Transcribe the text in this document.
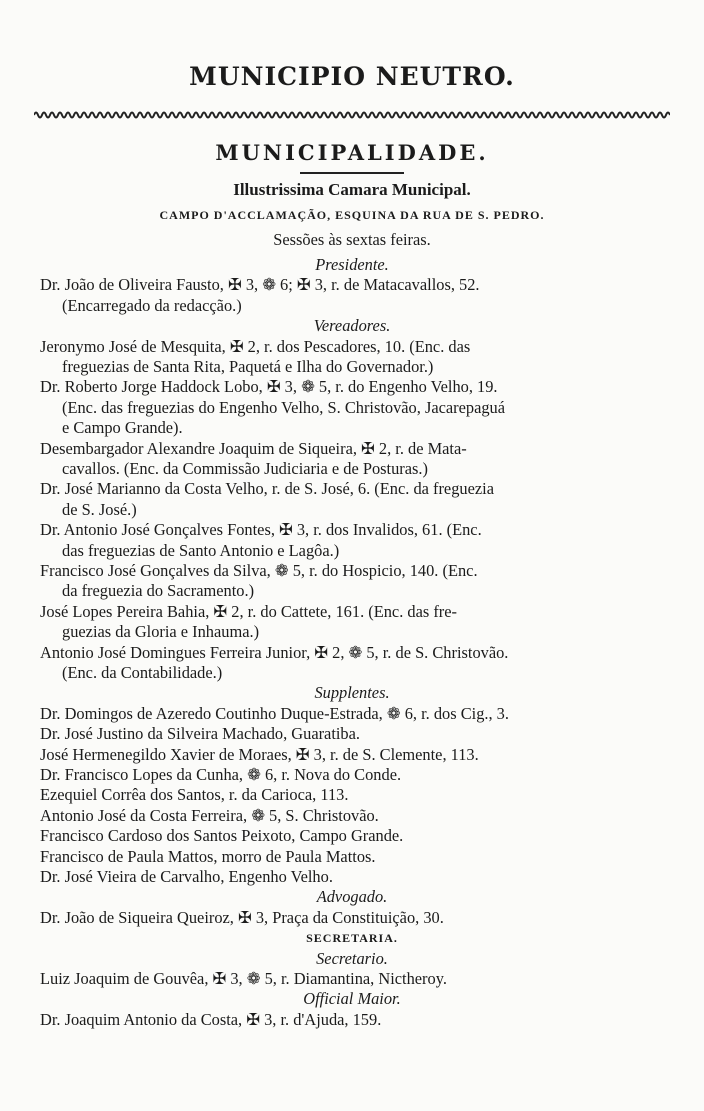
MUNICIPIO NEUTRO.
MUNICIPALIDADE.
Illustrissima Camara Municipal.
CAMPO D'ACCLAMAÇÃO, ESQUINA DA RUA DE S. PEDRO.
Sessões às sextas feiras.
Presidente.
Dr. João de Oliveira Fausto, ✠ 3, ❁ 6; ✠ 3, r. de Matacavallos, 52.
(Encarregado da redacção.)
Vereadores.
Jeronymo José de Mesquita, ✠ 2, r. dos Pescadores, 10. (Enc. das
freguezias de Santa Rita, Paquetá e Ilha do Governador.)
Dr. Roberto Jorge Haddock Lobo, ✠ 3, ❁ 5, r. do Engenho Velho, 19.
(Enc. das freguezias do Engenho Velho, S. Christovão, Jacarepaguá
e Campo Grande).
Desembargador Alexandre Joaquim de Siqueira, ✠ 2, r. de Mata-
cavallos. (Enc. da Commissão Judiciaria e de Posturas.)
Dr. José Marianno da Costa Velho, r. de S. José, 6. (Enc. da freguezia
de S. José.)
Dr. Antonio José Gonçalves Fontes, ✠ 3, r. dos Invalidos, 61. (Enc.
das freguezias de Santo Antonio e Lagôa.)
Francisco José Gonçalves da Silva, ❁ 5, r. do Hospicio, 140. (Enc.
da freguezia do Sacramento.)
José Lopes Pereira Bahia, ✠ 2, r. do Cattete, 161. (Enc. das fre-
guezias da Gloria e Inhauma.)
Antonio José Domingues Ferreira Junior, ✠ 2, ❁ 5, r. de S. Christovão.
(Enc. da Contabilidade.)
Supplentes.
Dr. Domingos de Azeredo Coutinho Duque-Estrada, ❁ 6, r. dos Cig., 3.
Dr. José Justino da Silveira Machado, Guaratiba.
José Hermenegildo Xavier de Moraes, ✠ 3, r. de S. Clemente, 113.
Dr. Francisco Lopes da Cunha, ❁ 6, r. Nova do Conde.
Ezequiel Corrêa dos Santos, r. da Carioca, 113.
Antonio José da Costa Ferreira, ❁ 5, S. Christovão.
Francisco Cardoso dos Santos Peixoto, Campo Grande.
Francisco de Paula Mattos, morro de Paula Mattos.
Dr. José Vieira de Carvalho, Engenho Velho.
Advogado.
Dr. João de Siqueira Queiroz, ✠ 3, Praça da Constituição, 30.
SECRETARIA.
Secretario.
Luiz Joaquim de Gouvêa, ✠ 3, ❁ 5, r. Diamantina, Nictheroy.
Official Maior.
Dr. Joaquim Antonio da Costa, ✠ 3, r. d'Ajuda, 159.
